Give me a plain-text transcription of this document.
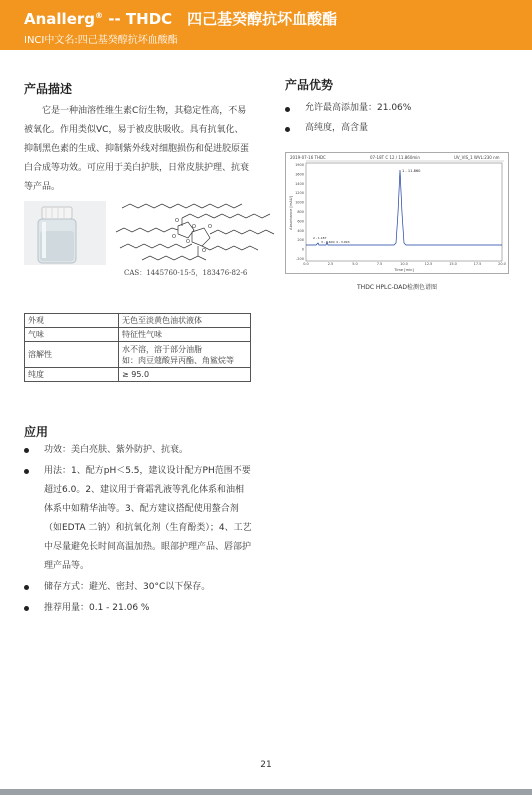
Anallerg® -- THDC　四己基癸醇抗坏血酸酯
INCI中文名:四己基癸醇抗坏血酸酯
产品描述
它是一种油溶性维生素C衍生物，其稳定性高，不易被氧化。作用类似VC，易于被皮肤吸收。具有抗氧化、抑制黑色素的生成、抑制紫外线对细胞损伤和促进胶原蛋白合成等功效。可应用于美白护肤，日常皮肤护理、抗衰等产品。
O
O
O
O
O
O
CAS：1445760-15-5，183476-82-6
外观	无色至淡黄色油状液体
气味	特征性气味
溶解性	水不溶，溶于部分油脂
如：肉豆蔻酸异丙酯、角鲨烷等
纯度	≥ 95.0
产品优势
允许最高添加量：21.06%
高纯度，高含量
2019-07-16 THDC	07-18T C 12 / 11.860min	UV_VIS_1 WVL:230 nm
1900
1600
1400
1200
1000
800
600
400
200
0
-200
0.0	2.5	5.0	7.5	10.0	12.5	15.0	17.5	20.0
Absorbance [mAU]
Time [min]
1 - 11.860
2 - 1.187
3 - 3.600 4 - 3.093
THDC HPLC-DAD检测色谱图
应用
功效：美白亮肤、紫外防护、抗衰。
用法：1、配方pH＜5.5，建议设计配方PH范围不要超过6.0。2、建议用于膏霜乳液等乳化体系和油相体系中如精华油等。3、配方建议搭配使用螯合剂（如EDTA 二钠）和抗氧化剂（生育酚类）；4、工艺中尽量避免长时间高温加热。眼部护理产品、唇部护理产品等。
储存方式：避光、密封、30°C以下保存。
推荐用量：0.1 - 21.06 %
21
